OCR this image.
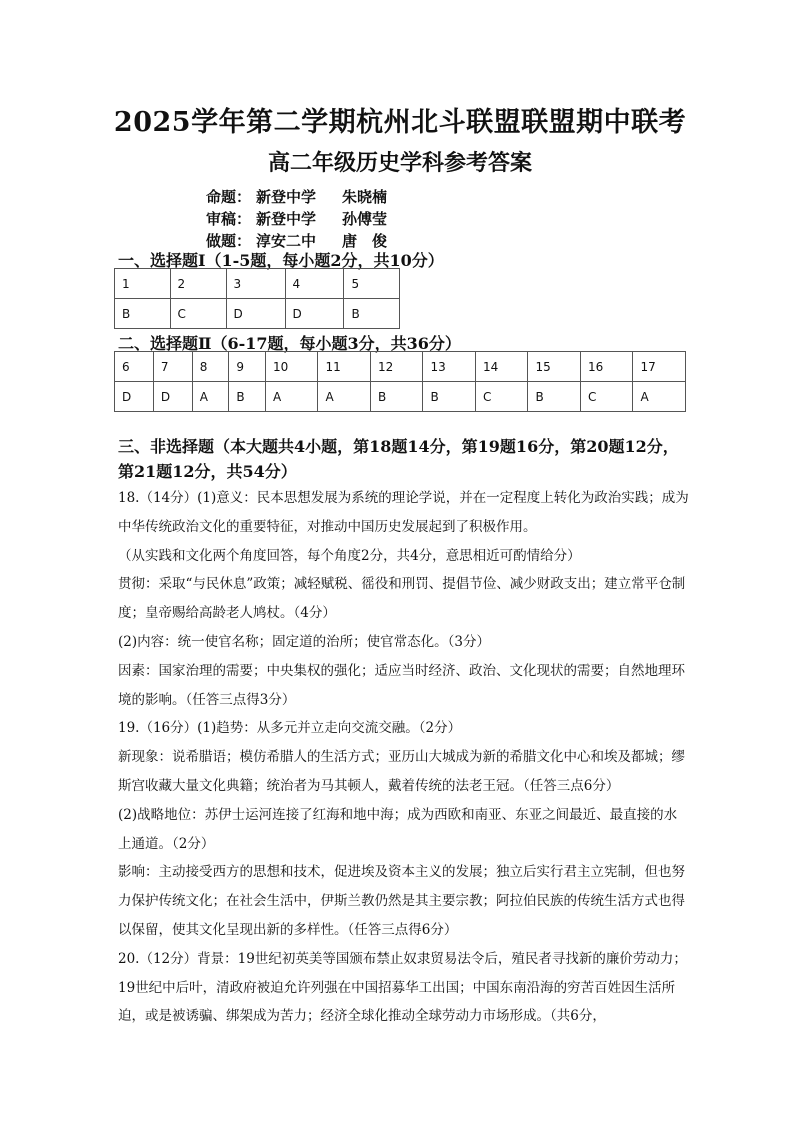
2025学年第二学期杭州北斗联盟联盟期中联考
高二年级历史学科参考答案
命题： 新登中学 朱晓楠
审稿： 新登中学 孙傅莹
做题： 淳安二中 唐　俊
一、选择题Ⅰ（1-5题，每小题2分，共10分）
1	2	3	4	5
B	C	D	D	B
二、选择题Ⅱ（6-17题，每小题3分，共36分）
6	7	8	9	10	11	12	13	14	15	16	17
D	D	A	B	A	A	B	B	C	B	C	A
三、非选择题（本大题共4小题，第18题14分，第19题16分，第20题12分，第21题12分，共54分）

18.（14分）(1)意义：民本思想发展为系统的理论学说，并在一定程度上转化为政治实践；成为中华传统政治文化的重要特征，对推动中国历史发展起到了积极作用。

（从实践和文化两个角度回答，每个角度2分，共4分，意思相近可酌情给分）

贯彻：采取“与民休息”政策；减轻赋税、徭役和刑罚、提倡节俭、减少财政支出；建立常平仓制度；皇帝赐给高龄老人鸠杖。（4分）

(2)内容：统一使官名称；固定道的治所；使官常态化。（3分）

因素：国家治理的需要；中央集权的强化；适应当时经济、政治、文化现状的需要；自然地理环境的影响。（任答三点得3分）

19.（16分）(1)趋势：从多元并立走向交流交融。（2分）

新现象：说希腊语；模仿希腊人的生活方式；亚历山大城成为新的希腊文化中心和埃及都城；缪斯宫收藏大量文化典籍；统治者为马其顿人，戴着传统的法老王冠。（任答三点6分）

(2)战略地位：苏伊士运河连接了红海和地中海；成为西欧和南亚、东亚之间最近、最直接的水上通道。（2分）

影响：主动接受西方的思想和技术，促进埃及资本主义的发展；独立后实行君主立宪制，但也努力保护传统文化；在社会生活中，伊斯兰教仍然是其主要宗教；阿拉伯民族的传统生活方式也得以保留，使其文化呈现出新的多样性。（任答三点得6分）

20.（12分）背景：19世纪初英美等国颁布禁止奴隶贸易法令后，殖民者寻找新的廉价劳动力；19世纪中后叶，清政府被迫允许列强在中国招募华工出国；中国东南沿海的穷苦百姓因生活所迫，或是被诱骗、绑架成为苦力；经济全球化推动全球劳动力市场形成。（共6分，
